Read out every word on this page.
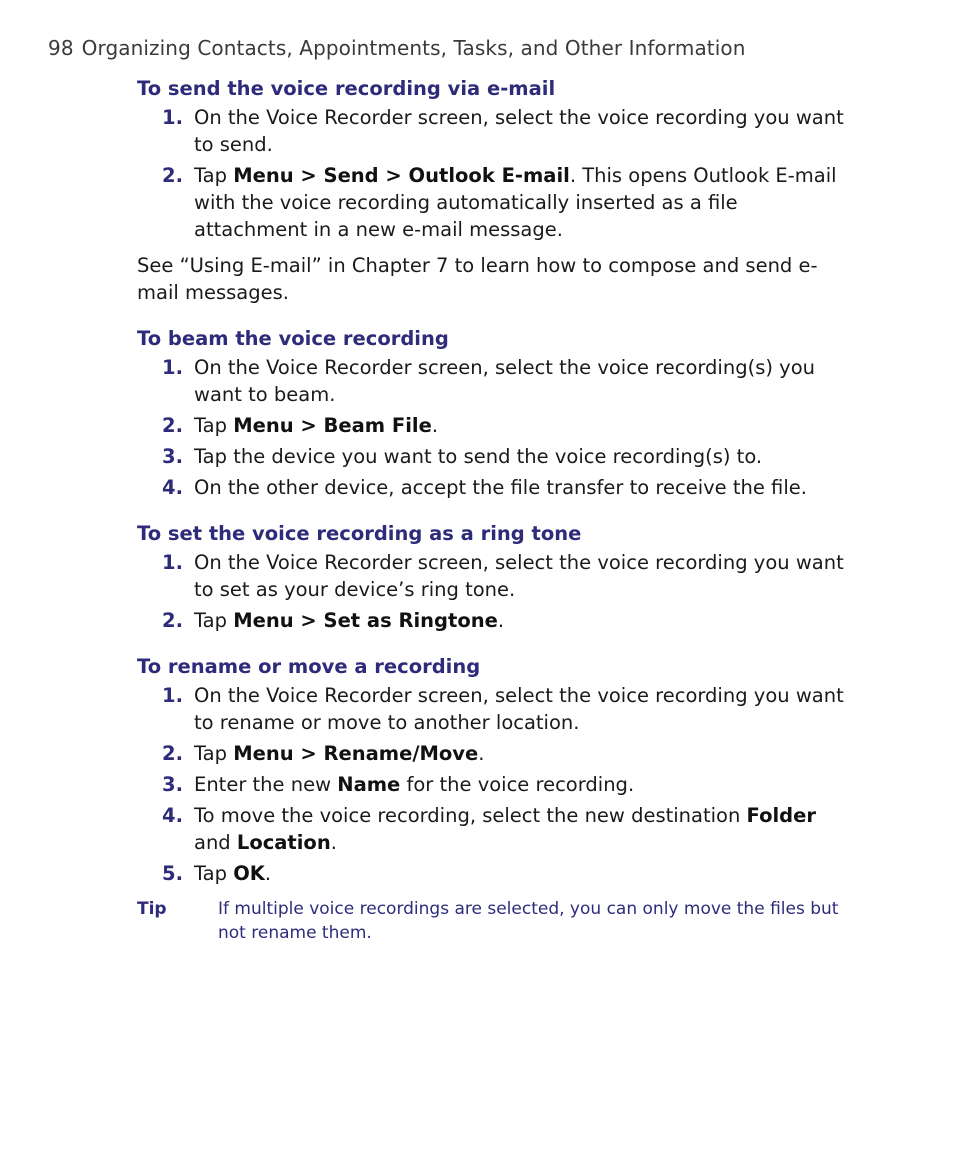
98 Organizing Contacts, Appointments, Tasks, and Other Information
To send the voice recording via e-mail
1. On the Voice Recorder screen, select the voice recording you want to send.
2. Tap Menu > Send > Outlook E-mail. This opens Outlook E-mail with the voice recording automatically inserted as a file attachment in a new e-mail message.

See “Using E-mail” in Chapter 7 to learn how to compose and send e-mail messages.

To beam the voice recording
1. On the Voice Recorder screen, select the voice recording(s) you want to beam.
2. Tap Menu > Beam File.
3. Tap the device you want to send the voice recording(s) to.
4. On the other device, accept the file transfer to receive the file.
To set the voice recording as a ring tone
1. On the Voice Recorder screen, select the voice recording you want to set as your device’s ring tone.
2. Tap Menu > Set as Ringtone.
To rename or move a recording
1. On the Voice Recorder screen, select the voice recording you want to rename or move to another location.
2. Tap Menu > Rename/Move.
3. Enter the new Name for the voice recording.
4. To move the voice recording, select the new destination Folder and Location.
5. Tap OK.
Tip	If multiple voice recordings are selected, you can only move the files but not rename them.
